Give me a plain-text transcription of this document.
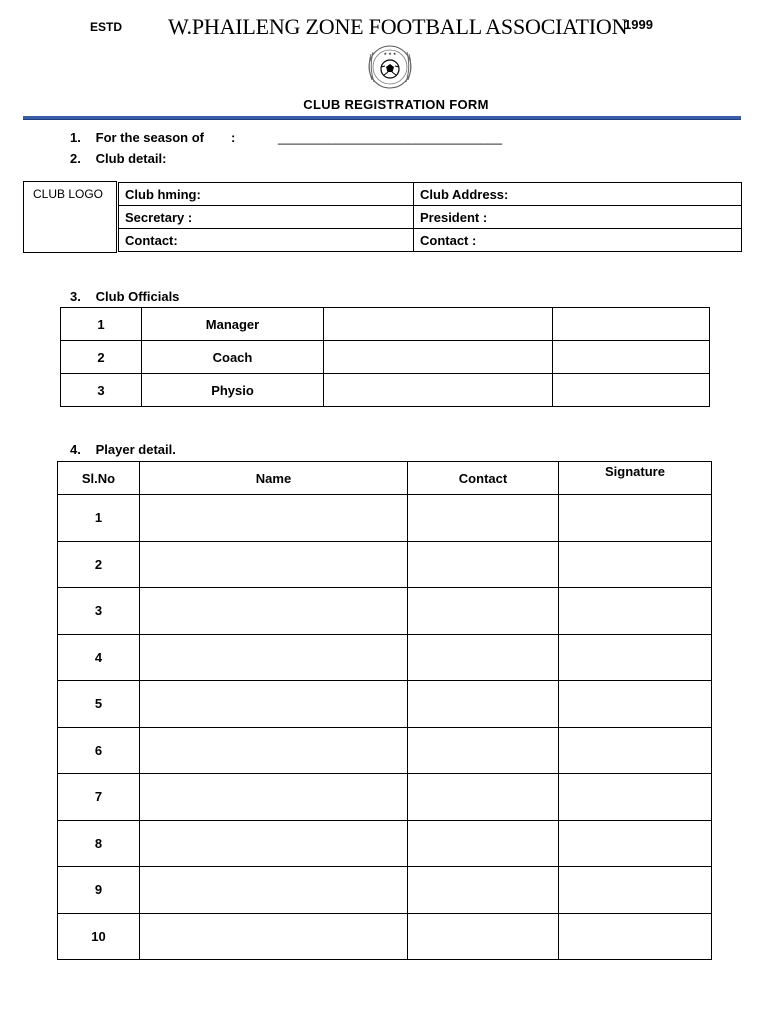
ESTD W.PHAILENG ZONE FOOTBALL ASSOCIATION
1999
★ ★ ★
CLUB REGISTRATION FORM
1. For the season of :	_______________________________
2. Club detail:
CLUB LOGO	Club hming:	Club Address:
Secretary :	President :
Contact:	Contact :
3. Club Officials
1	Manager		
2	Coach		
3	Physio		
4. Player detail.
Sl.No	Name	Contact	Signature
1			
2			
3			
4			
5			
6			
7			
8			
9			
10			
